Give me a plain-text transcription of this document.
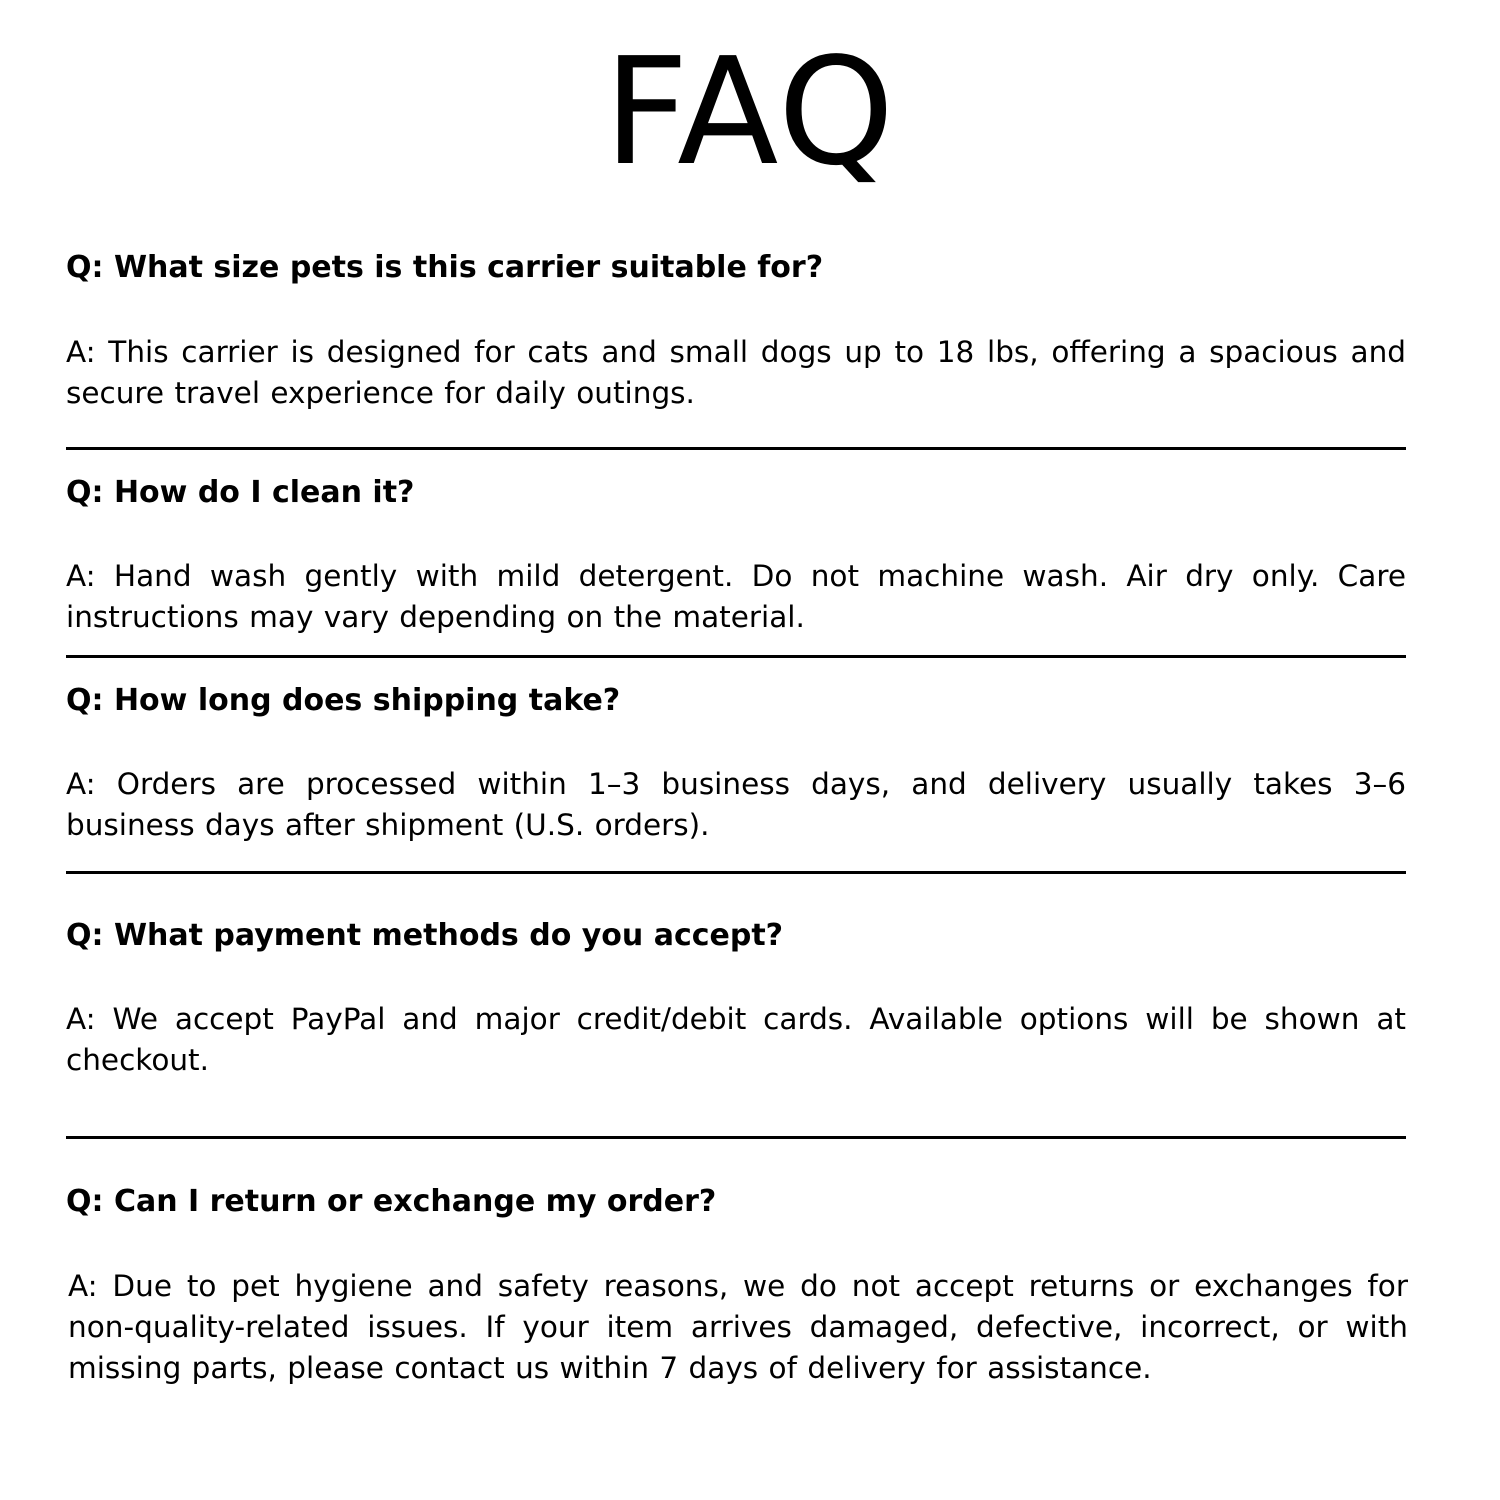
FAQ

Q: What size pets is this carrier suitable for?

A: This carrier is designed for cats and small dogs up to 18 lbs, offering a spacious and secure travel experience for daily outings.

Q: How do I clean it?

A: Hand wash gently with mild detergent. Do not machine wash. Air dry only. Care instructions may vary depending on the material.

Q: How long does shipping take?

A: Orders are processed within 1–3 business days, and delivery usually takes 3–6 business days after shipment (U.S. orders).

Q: What payment methods do you accept?

A: We accept PayPal and major credit/debit cards. Available options will be shown at checkout.

Q: Can I return or exchange my order?

A: Due to pet hygiene and safety reasons, we do not accept returns or exchanges for non-quality-related issues. If your item arrives damaged, defective, incorrect, or with missing parts, please contact us within 7 days of delivery for assistance.
